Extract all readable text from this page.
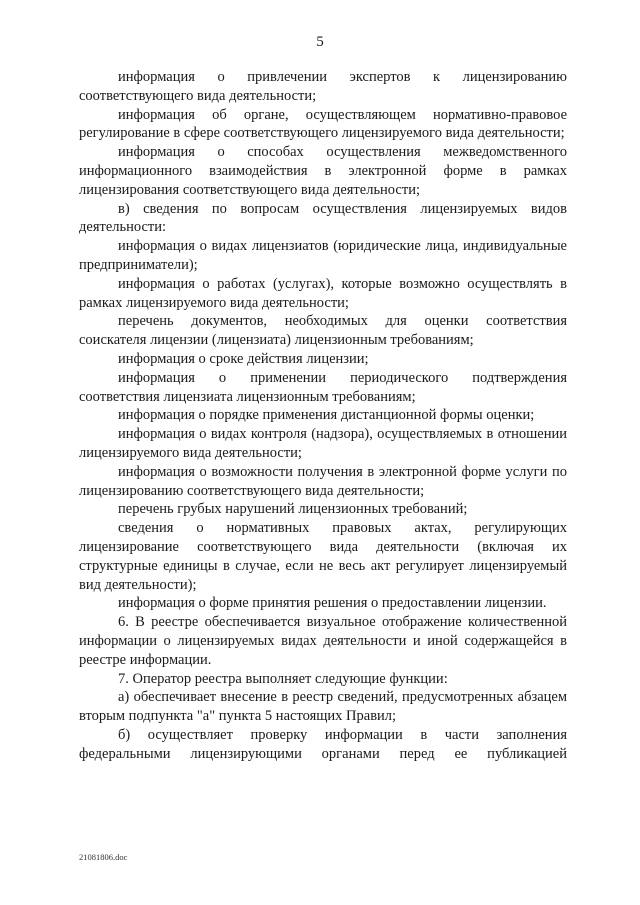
5

информация о привлечении экспертов к лицензированию соответствующего вида деятельности;

информация об органе, осуществляющем нормативно-правовое регулирование в сфере соответствующего лицензируемого вида деятельности;

информация о способах осуществления межведомственного информационного взаимодействия в электронной форме в рамках лицензирования соответствующего вида деятельности;

в) сведения по вопросам осуществления лицензируемых видов деятельности:

информация о видах лицензиатов (юридические лица, индивидуальные предприниматели);

информация о работах (услугах), которые возможно осуществлять в рамках лицензируемого вида деятельности;

перечень документов, необходимых для оценки соответствия соискателя лицензии (лицензиата) лицензионным требованиям;

информация о сроке действия лицензии;

информация о применении периодического подтверждения соответствия лицензиата лицензионным требованиям;

информация о порядке применения дистанционной формы оценки;

информация о видах контроля (надзора), осуществляемых в отношении лицензируемого вида деятельности;

информация о возможности получения в электронной форме услуги по лицензированию соответствующего вида деятельности;

перечень грубых нарушений лицензионных требований;

сведения о нормативных правовых актах, регулирующих лицензирование соответствующего вида деятельности (включая их структурные единицы в случае, если не весь акт регулирует лицензируемый вид деятельности);

информация о форме принятия решения о предоставлении лицензии.

6. В реестре обеспечивается визуальное отображение количественной информации о лицензируемых видах деятельности и иной содержащейся в реестре информации.

7. Оператор реестра выполняет следующие функции:

а) обеспечивает внесение в реестр сведений, предусмотренных абзацем вторым подпункта "а" пункта 5 настоящих Правил;

б) осуществляет проверку информации в части заполнения федеральными лицензирующими органами перед ее публикацией

21081806.doc
